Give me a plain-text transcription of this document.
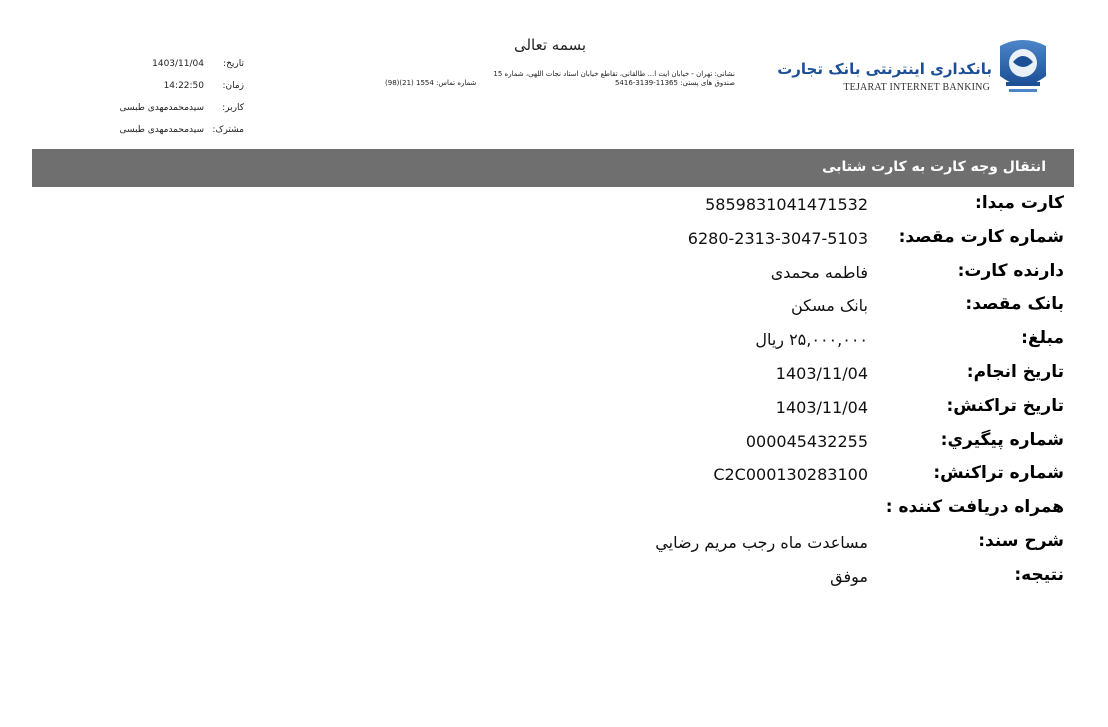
بسمه تعالی
بانکداری اینترنتی بانک تجارت
TEJARAT INTERNET BANKING
نشانی: تهران - خیابان ایت ا... طالقانی، تقاطع خیابان استاد نجات اللهی، شماره 15
صندوق های پستی: 11365-3139-5416
شماره تماس: 1554 (21)(98)
تاریخ:
1403/11/04
زمان:
14:22:50
کاربر:
سیدمحمدمهدی طبسی
مشترک:
سیدمحمدمهدی طبسی
انتقال وجه کارت به کارت شتابی
کارت مبدا:
5859831041471532
شماره کارت مقصد:
6280-2313-3047-5103
دارنده کارت:
فاطمه محمدی
بانک مقصد:
بانک مسکن
مبلغ:
۲۵,۰۰۰,۰۰۰ ریال
تاریخ انجام:
1403/11/04
تاریخ تراکنش:
1403/11/04
شماره پیگیري:
000045432255
شماره تراکنش:
C2C000130283100
همراه دریافت کننده :
شرح سند:
مساعدت ماه رجب مریم رضایي
نتیجه:
موفق
